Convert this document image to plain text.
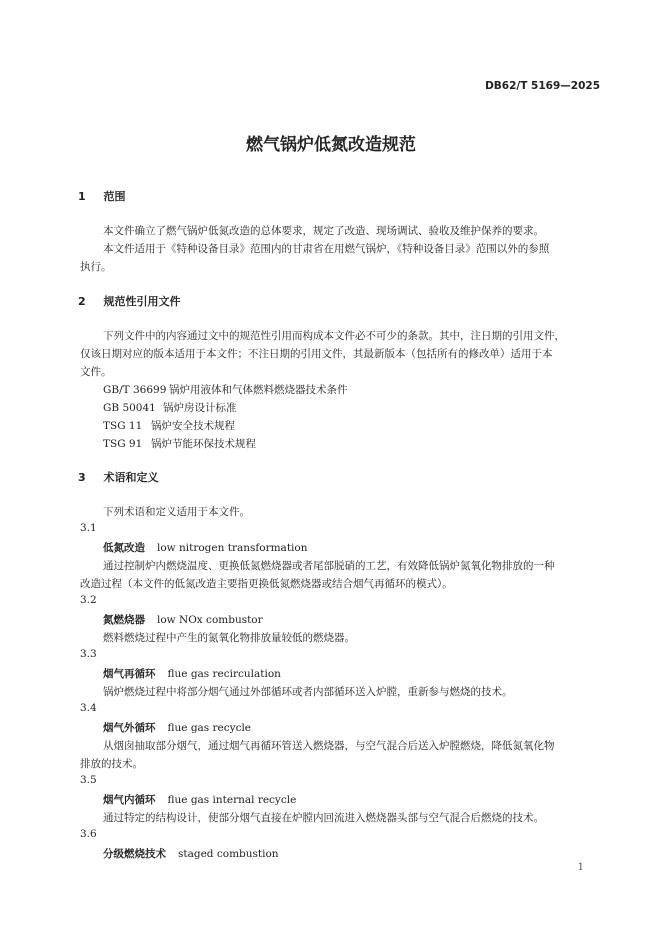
DB62/T 5169—2025
燃气锅炉低氮改造规范
1 范围
本文件确立了燃气锅炉低氮改造的总体要求，规定了改造、现场调试、验收及维护保养的要求。
本文件适用于《特种设备目录》范围内的甘肃省在用燃气锅炉，《特种设备目录》范围以外的参照
执行。
2 规范性引用文件
下列文件中的内容通过文中的规范性引用而构成本文件必不可少的条款。其中，注日期的引用文件，
仅该日期对应的版本适用于本文件；不注日期的引用文件，其最新版本（包括所有的修改单）适用于本
文件。
GB/T 36699 锅炉用液体和气体燃料燃烧器技术条件
GB 50041 锅炉房设计标准
TSG 11 锅炉安全技术规程
TSG 91 锅炉节能环保技术规程
3 术语和定义
下列术语和定义适用于本文件。
3.1
低氮改造 low nitrogen transformation
通过控制炉内燃烧温度、更换低氮燃烧器或者尾部脱硝的工艺，有效降低锅炉氮氧化物排放的一种
改造过程（本文件的低氮改造主要指更换低氮燃烧器或结合烟气再循环的模式）。
3.2
氮燃烧器 low NOx combustor
燃料燃烧过程中产生的氮氧化物排放量较低的燃烧器。
3.3
烟气再循环 flue gas recirculation
锅炉燃烧过程中将部分烟气通过外部循环或者内部循环送入炉膛，重新参与燃烧的技术。
3.4
烟气外循环 flue gas recycle
从烟囱抽取部分烟气，通过烟气再循环管送入燃烧器，与空气混合后送入炉膛燃烧，降低氮氧化物
排放的技术。
3.5
烟气内循环 flue gas internal recycle
通过特定的结构设计，使部分烟气直接在炉膛内回流进入燃烧器头部与空气混合后燃烧的技术。
3.6
分级燃烧技术 staged combustion
1
